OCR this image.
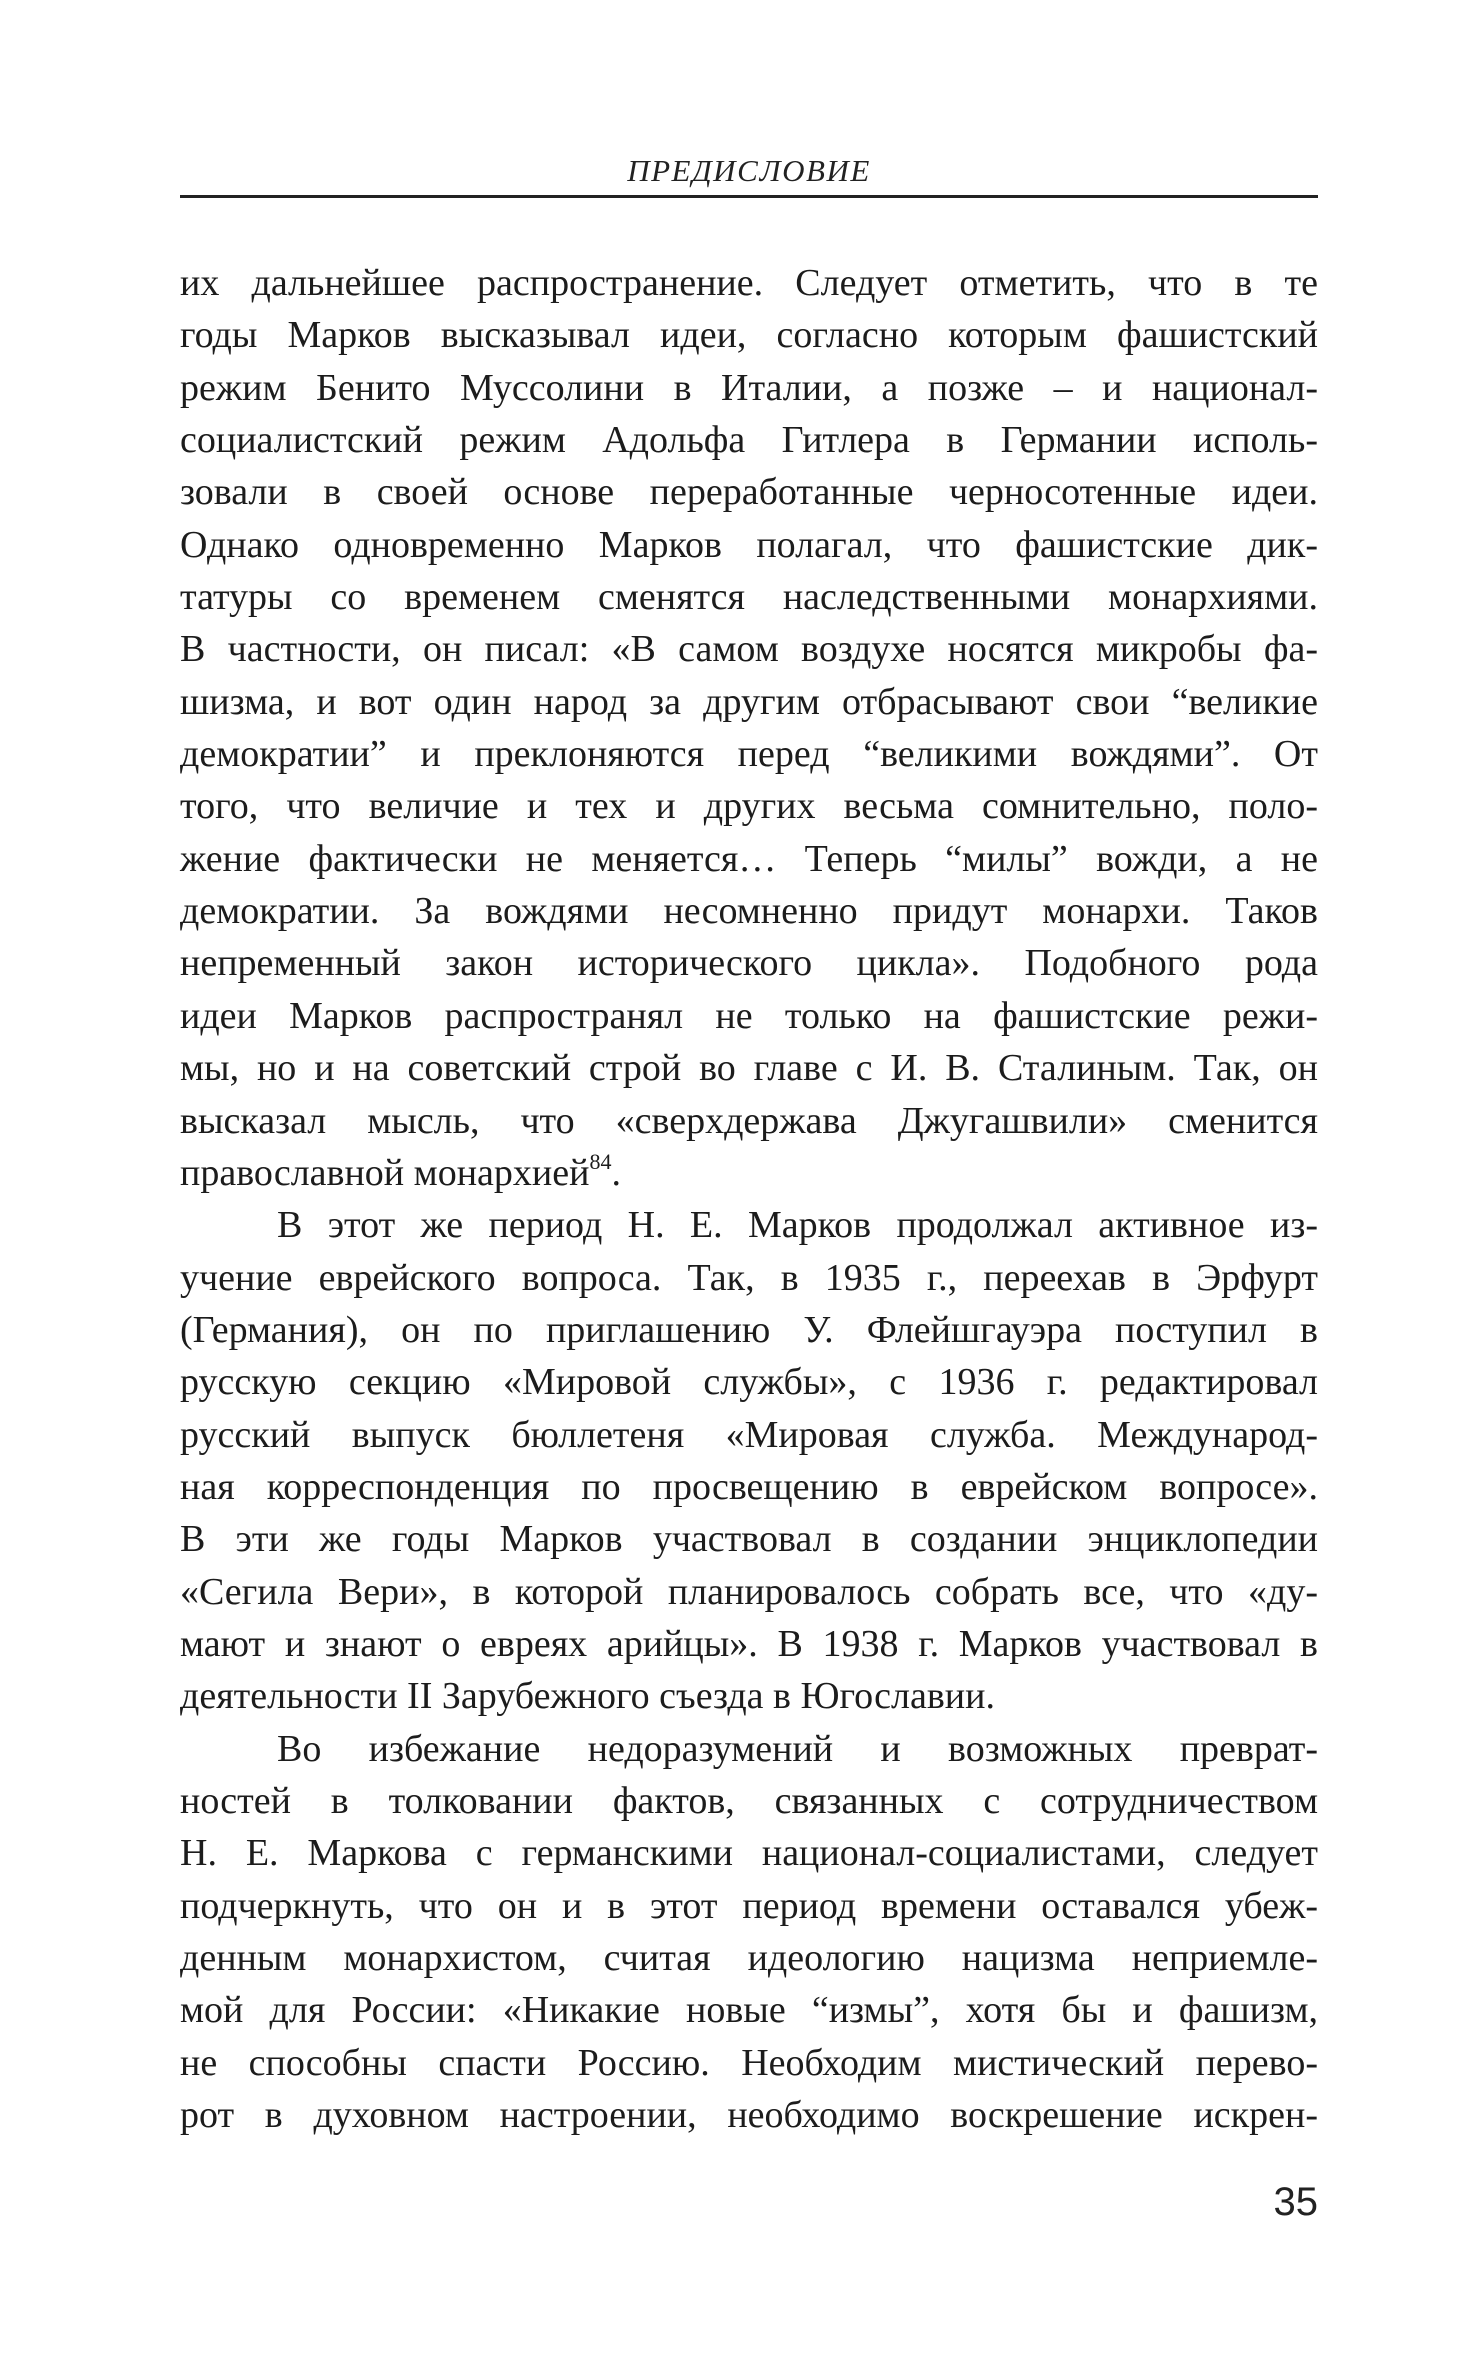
ПРЕДИСЛОВИЕ
их дальнейшее распространение. Следует отметить, что в те
годы Марков высказывал идеи, согласно которым фашистский
режим Бенито Муссолини в Италии, а позже – и национал-
социалистский режим Адольфа Гитлера в Германии исполь-
зовали в своей основе переработанные черносотенные идеи.
Однако одновременно Марков полагал, что фашистские дик-
татуры со временем сменятся наследственными монархиями.
В частности, он писал: «В самом воздухе носятся микробы фа-
шизма, и вот один народ за другим отбрасывают свои “великие
демократии” и преклоняются перед “великими вождями”. От
того, что величие и тех и других весьма сомнительно, поло-
жение фактически не меняется… Теперь “милы” вожди, а не
демократии. За вождями несомненно придут монархи. Таков
непременный закон исторического цикла». Подобного рода
идеи Марков распространял не только на фашистские режи-
мы, но и на советский строй во главе с И. В. Сталиным. Так, он
высказал мысль, что «сверхдержава Джугашвили» сменится
православной монархией$^{84}$.
В этот же период Н. Е. Марков продолжал активное из-
учение еврейского вопроса. Так, в 1935 г., переехав в Эрфурт
(Германия), он по приглашению У. Флейшгауэра поступил в
русскую секцию «Мировой службы», с 1936 г. редактировал
русский выпуск бюллетеня «Мировая служба. Международ-
ная корреспонденция по просвещению в еврейском вопросе».
В эти же годы Марков участвовал в создании энциклопедии
«Сегила Вери», в которой планировалось собрать все, что «ду-
мают и знают о евреях арийцы». В 1938 г. Марков участвовал в
деятельности II Зарубежного съезда в Югославии.
Во избежание недоразумений и возможных преврат-
ностей в толковании фактов, связанных с сотрудничеством
Н. Е. Маркова с германскими национал-социалистами, следует
подчеркнуть, что он и в этот период времени оставался убеж-
денным монархистом, считая идеологию нацизма неприемле-
мой для России: «Никакие новые “измы”, хотя бы и фашизм,
не способны спасти Россию. Необходим мистический перево-
рот в духовном настроении, необходимо воскрешение искрен-
35
